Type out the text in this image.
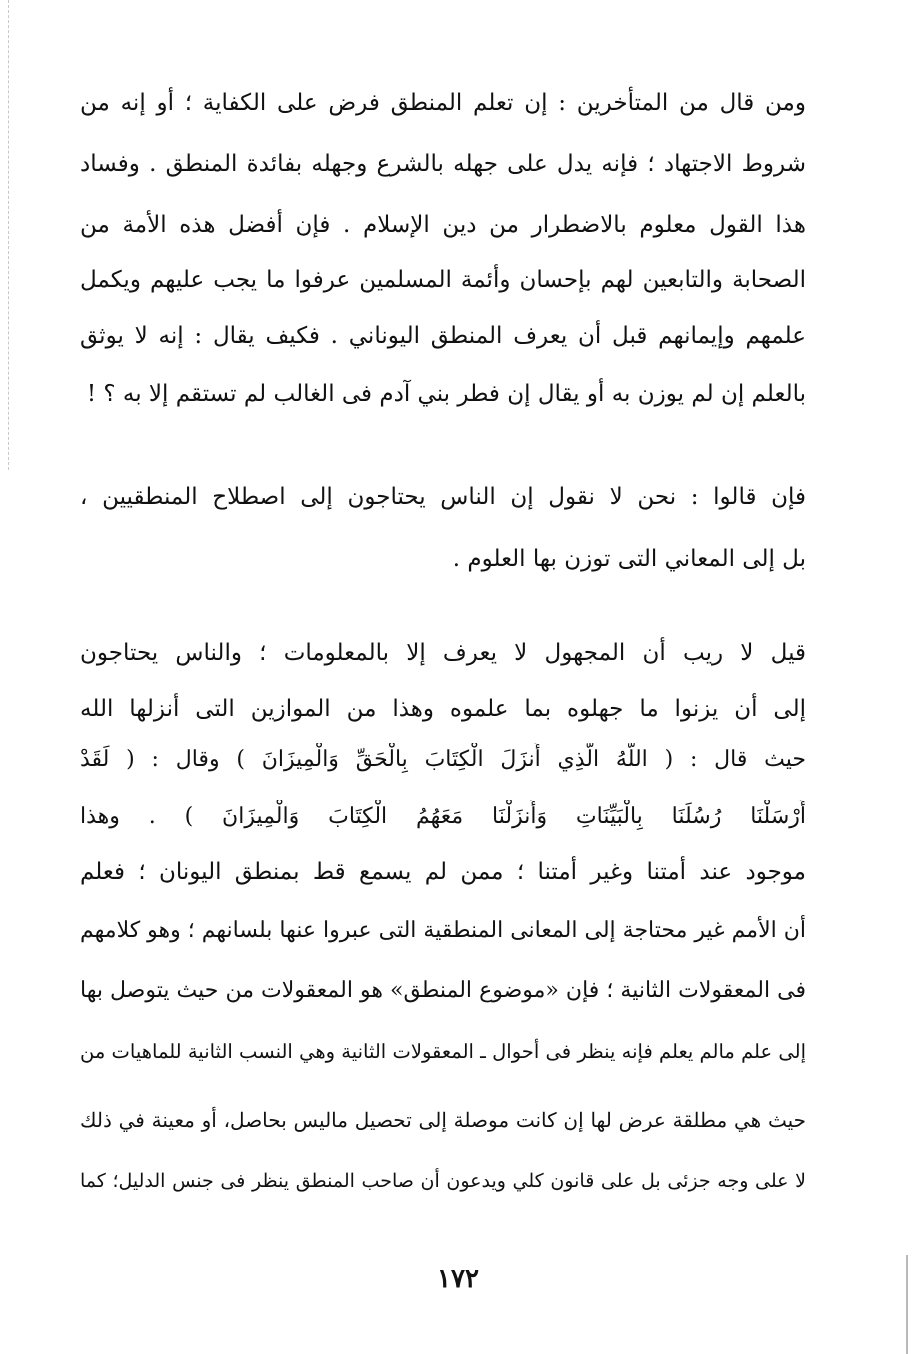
ومن قال من المتأخرين : إن تعلم المنطق فرض على الكفاية ؛ أو إنه من
شروط الاجتهاد ؛ فإنه يدل على جهله بالشرع وجهله بفائدة المنطق . وفساد
هذا القول معلوم بالاضطرار من دين الإسلام . فإن أفضل هذه الأمة من
الصحابة والتابعين لهم بإحسان وأئمة المسلمين عرفوا ما يجب عليهم ويكمل
علمهم وإيمانهم قبل أن يعرف المنطق اليوناني . فكيف يقال : إنه لا يوثق
بالعلم إن لم يوزن به أو يقال إن فطر بني آدم فى الغالب لم تستقم إلا به ؟ !
فإن قالوا : نحن لا نقول إن الناس يحتاجون إلى اصطلاح المنطقيين ،
بل إلى المعاني التى توزن بها العلوم .
قيل لا ريب أن المجهول لا يعرف إلا بالمعلومات ؛ والناس يحتاجون
إلى أن يزنوا ما جهلوه بما علموه وهذا من الموازين التى أنزلها الله
حيث قال : ( اللَّهُ الَّذِي أَنزَلَ الْكِتَابَ بِالْحَقِّ وَالْمِيزَانَ ) وقال : ( لَقَدْ
أَرْسَلْنَا رُسُلَنَا بِالْبَيِّنَاتِ وَأَنزَلْنَا مَعَهُمُ الْكِتَابَ وَالْمِيزَانَ ) . وهذا
موجود عند أمتنا وغير أمتنا ؛ ممن لم يسمع قط بمنطق اليونان ؛ فعلم
أن الأمم غير محتاجة إلى المعانى المنطقية التى عبروا عنها بلسانهم ؛ وهو كلامهم
فى المعقولات الثانية ؛ فإن «موضوع المنطق» هو المعقولات من حيث يتوصل بها
إلى علم مالم يعلم فإنه ينظر فى أحوال ـ المعقولات الثانية وهي النسب الثانية للماهيات من
حيث هي مطلقة عرض لها إن كانت موصلة إلى تحصيل ماليس بحاصل، أو معينة في ذلك
لا على وجه جزئى بل على قانون كلي ويدعون أن صاحب المنطق ينظر فى جنس الدليل؛ كما
١٧٢
